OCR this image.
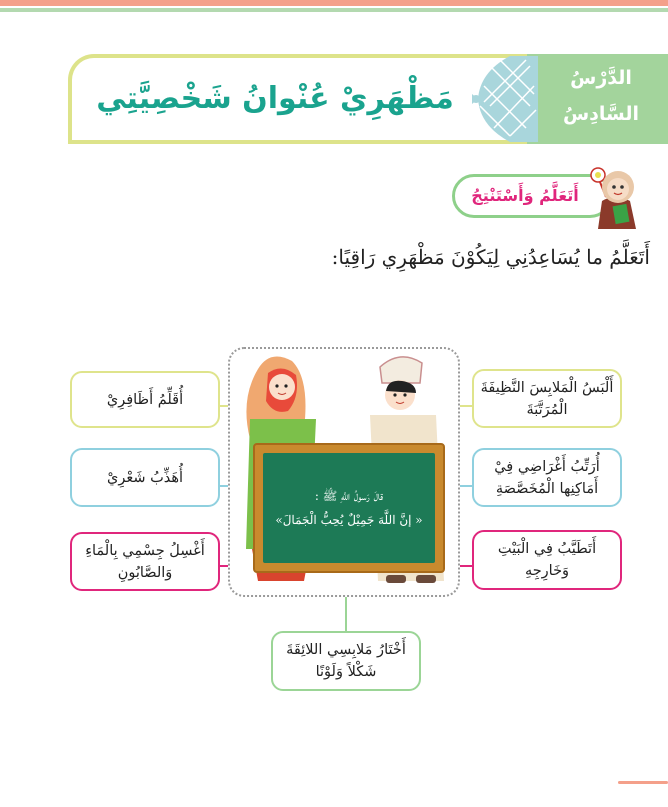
الدَّرْسُ
السَّادِسُ
مَظْهَرِيْ عُنْوانُ شَخْصِيَّتِي
أَتَعَلَّمُ وَأَسْتَنْتِجُ
أَتَعَلَّمُ ما يُسَاعِدُنِي لِيَكُوْنَ مَظْهَرِي رَاقِيًا:
قالَ رَسولُ اللَّهِ ﷺ :
« إنَّ اللَّهَ جَمِيْلٌ يُحِبُّ الْجَمَالَ»
أُقَلِّمُ أَظَافِرِيْ
أُهَذِّبُ شَعْرِيْ
أَغْسِلُ جِسْمِي بِالْمَاءِ وَالصَّابُونِ
أَلْبَسُ الْمَلابِسَ النَّظِيفَةَ الْمُرَتَّبَةَ
أُرَتِّبُ أَغْرَاضِي فِيْ أَمَاكِنِها الْمُخَصَّصَةِ
أَتَطَيَّبُ فِي الْبَيْتِ وَخَارِجِهِ
أَخْتَارُ مَلابِسِي اللائِقَةَ شَكْلاً وَلَوْنًا
